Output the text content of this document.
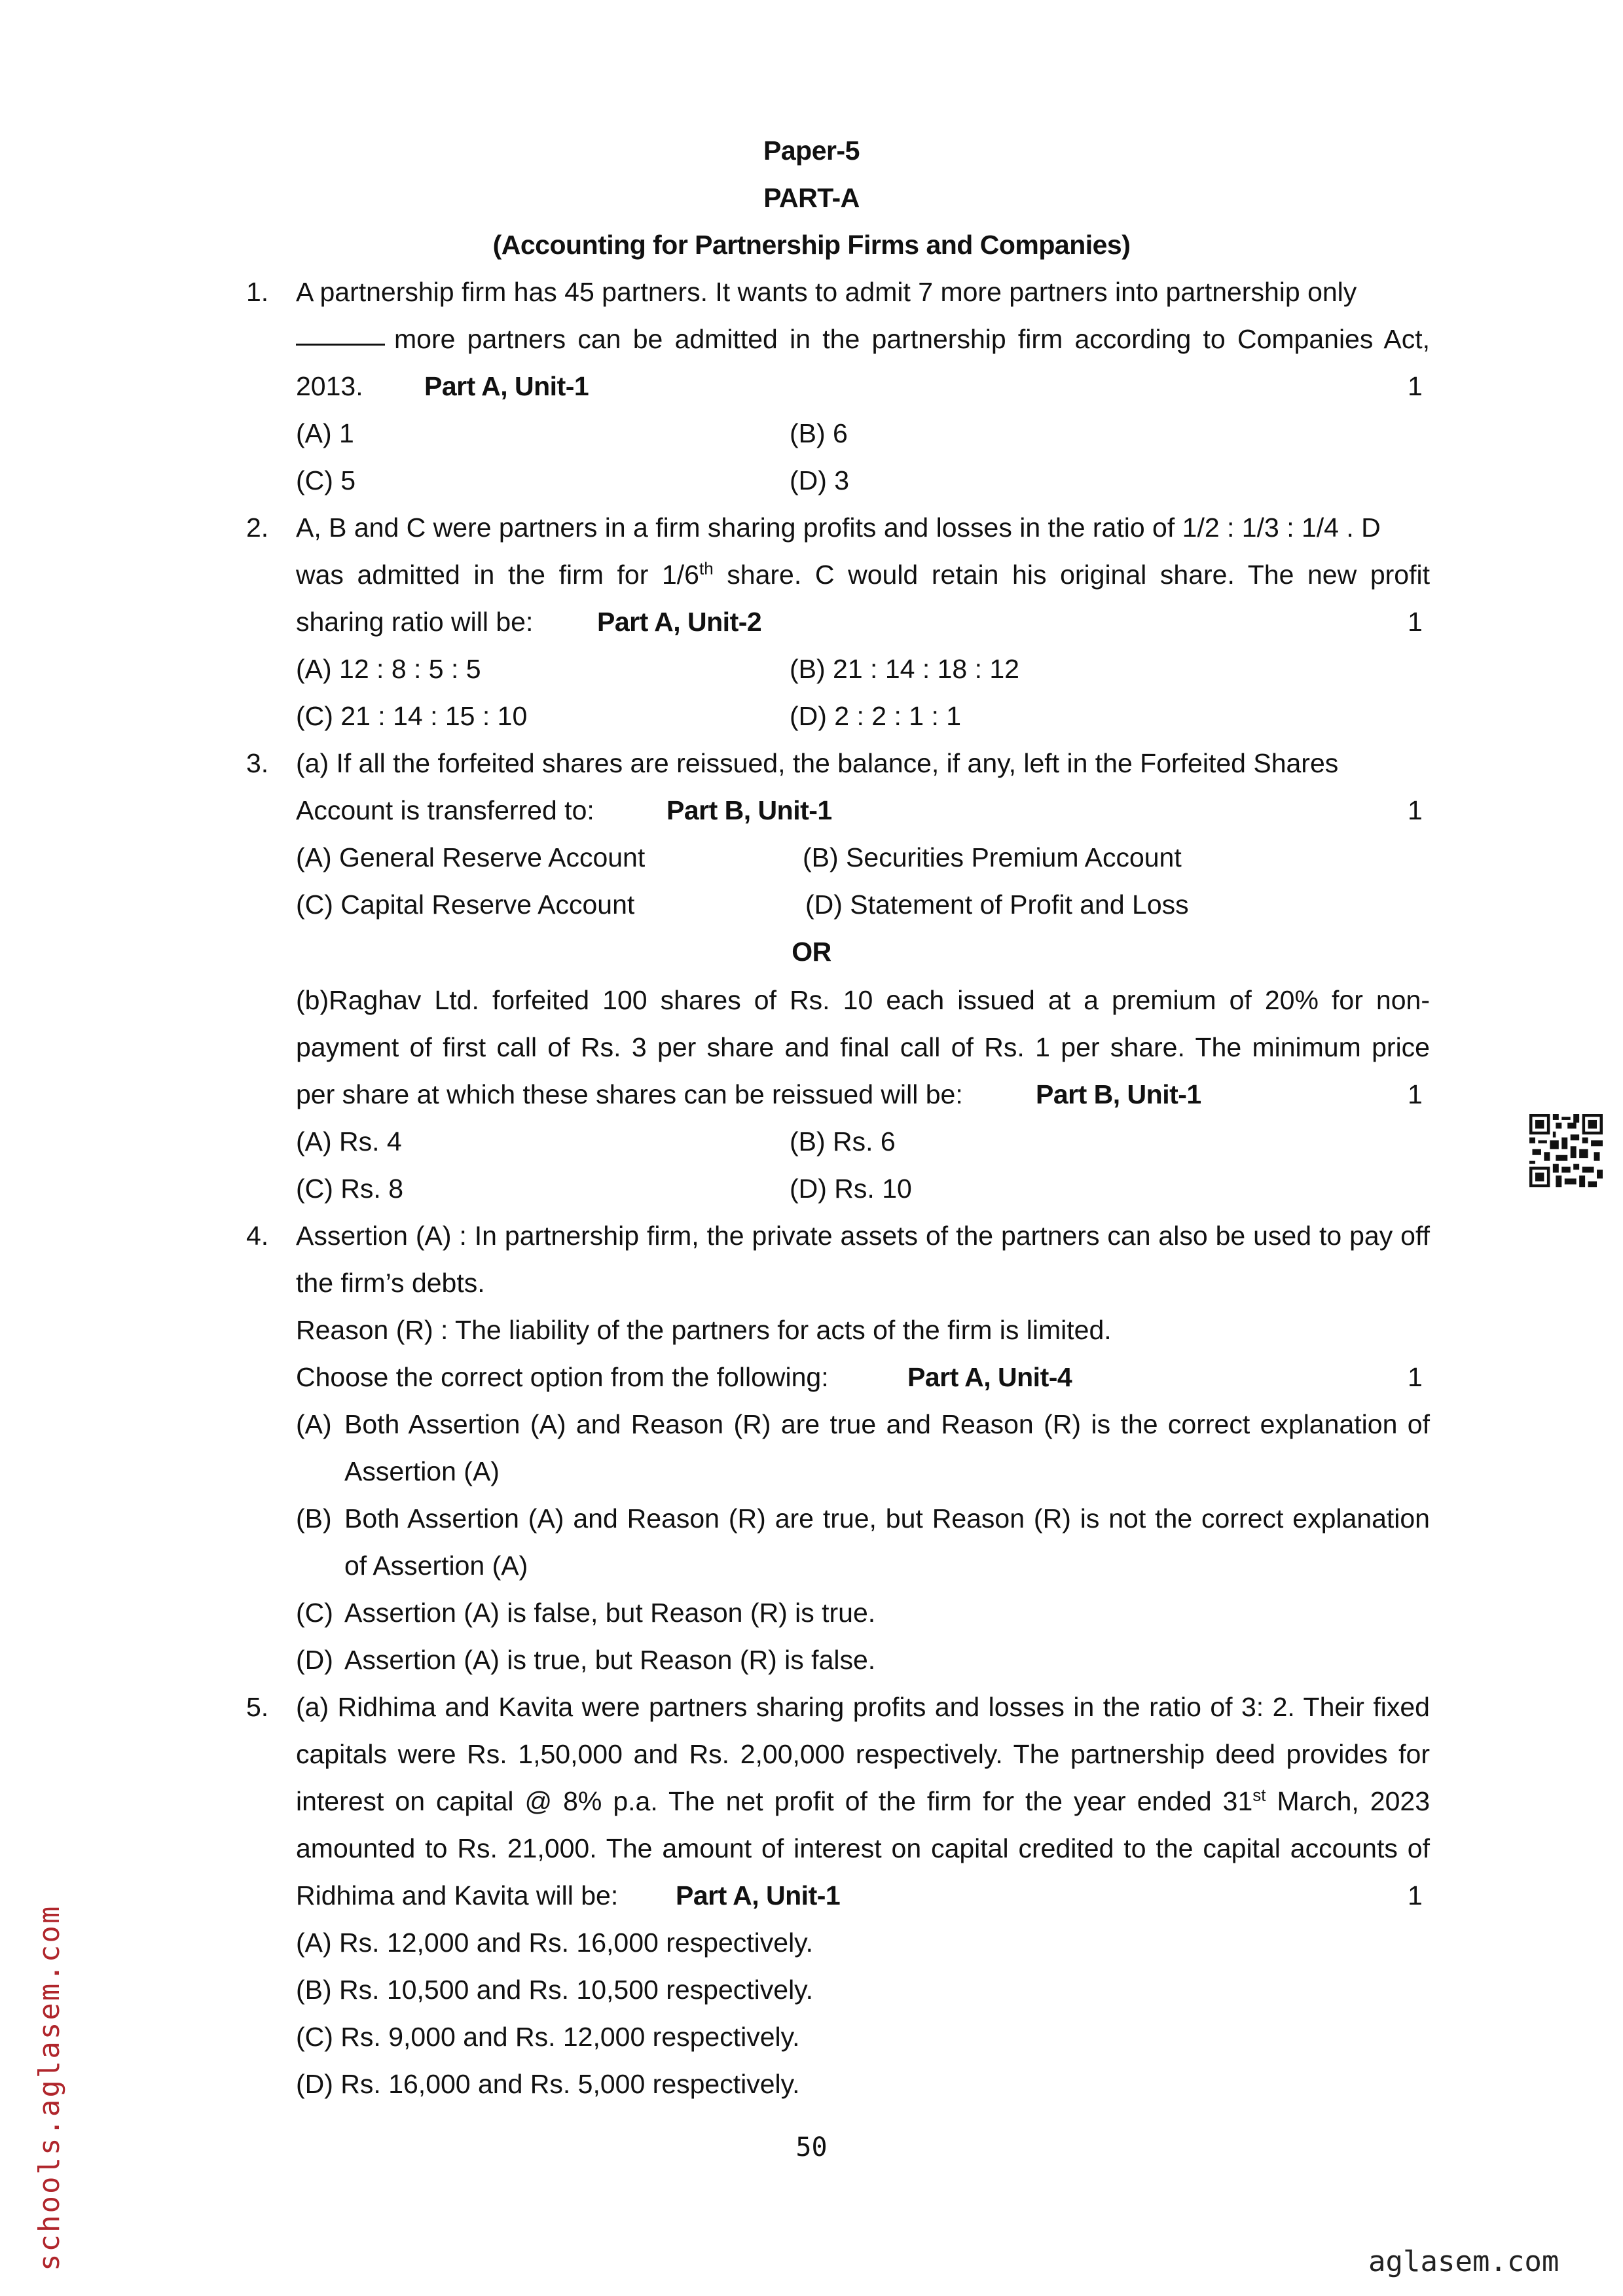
Paper-5
PART-A
(Accounting for Partnership Firms and Companies)
1. A partnership firm has 45 partners. It wants to admit 7 more partners into partnership only
more partners can be admitted in the partnership firm according to Companies Act,
2013. Part A, Unit-1	1
(A) 1	(B) 6
(C) 5	(D) 3
2. A, B and C were partners in a firm sharing profits and losses in the ratio of 1/2 : 1/3 : 1/4 . D
was admitted in the firm for 1/6th share. C would retain his original share. The new profit
sharing ratio will be: Part A, Unit-2	1
(A) 12 : 8 : 5 : 5	(B) 21 : 14 : 18 : 12
(C) 21 : 14 : 15 : 10	(D) 2 : 2 : 1 : 1
3. (a) If all the forfeited shares are reissued, the balance, if any, left in the Forfeited Shares
Account is transferred to:	Part B, Unit-1	1
(A) General Reserve Account	(B) Securities Premium Account
(C) Capital Reserve Account	(D) Statement of Profit and Loss
OR
(b)Raghav Ltd. forfeited 100 shares of Rs. 10 each issued at a premium of 20% for non-
payment of first call of Rs. 3 per share and final call of Rs. 1 per share. The minimum price
per share at which these shares can be reissued will be:	Part B, Unit-1	1
(A) Rs. 4	(B) Rs. 6
(C) Rs. 8	(D) Rs. 10
4. Assertion (A) : In partnership firm, the private assets of the partners can also be used to pay off the firm’s debts.
Reason (R) : The liability of the partners for acts of the firm is limited.
Choose the correct option from the following:	Part A, Unit-4	1
(A) Both Assertion (A) and Reason (R) are true and Reason (R) is the correct explanation of Assertion (A)
(B) Both Assertion (A) and Reason (R) are true, but Reason (R) is not the correct explanation of Assertion (A)
(C) Assertion (A) is false, but Reason (R) is true.
(D) Assertion (A) is true, but Reason (R) is false.
5. (a) Ridhima and Kavita were partners sharing profits and losses in the ratio of 3: 2. Their fixed
capitals were Rs. 1,50,000 and Rs. 2,00,000 respectively. The partnership deed provides for
interest on capital @ 8% p.a. The net profit of the firm for the year ended 31st March, 2023
amounted to Rs. 21,000. The amount of interest on capital credited to the capital accounts of
Ridhima and Kavita will be: Part A, Unit-1	1
(A) Rs. 12,000 and Rs. 16,000 respectively.
(B) Rs. 10,500 and Rs. 10,500 respectively.
(C) Rs. 9,000 and Rs. 12,000 respectively.
(D) Rs. 16,000 and Rs. 5,000 respectively.
50
schools.aglasem.com	aglasem.com
